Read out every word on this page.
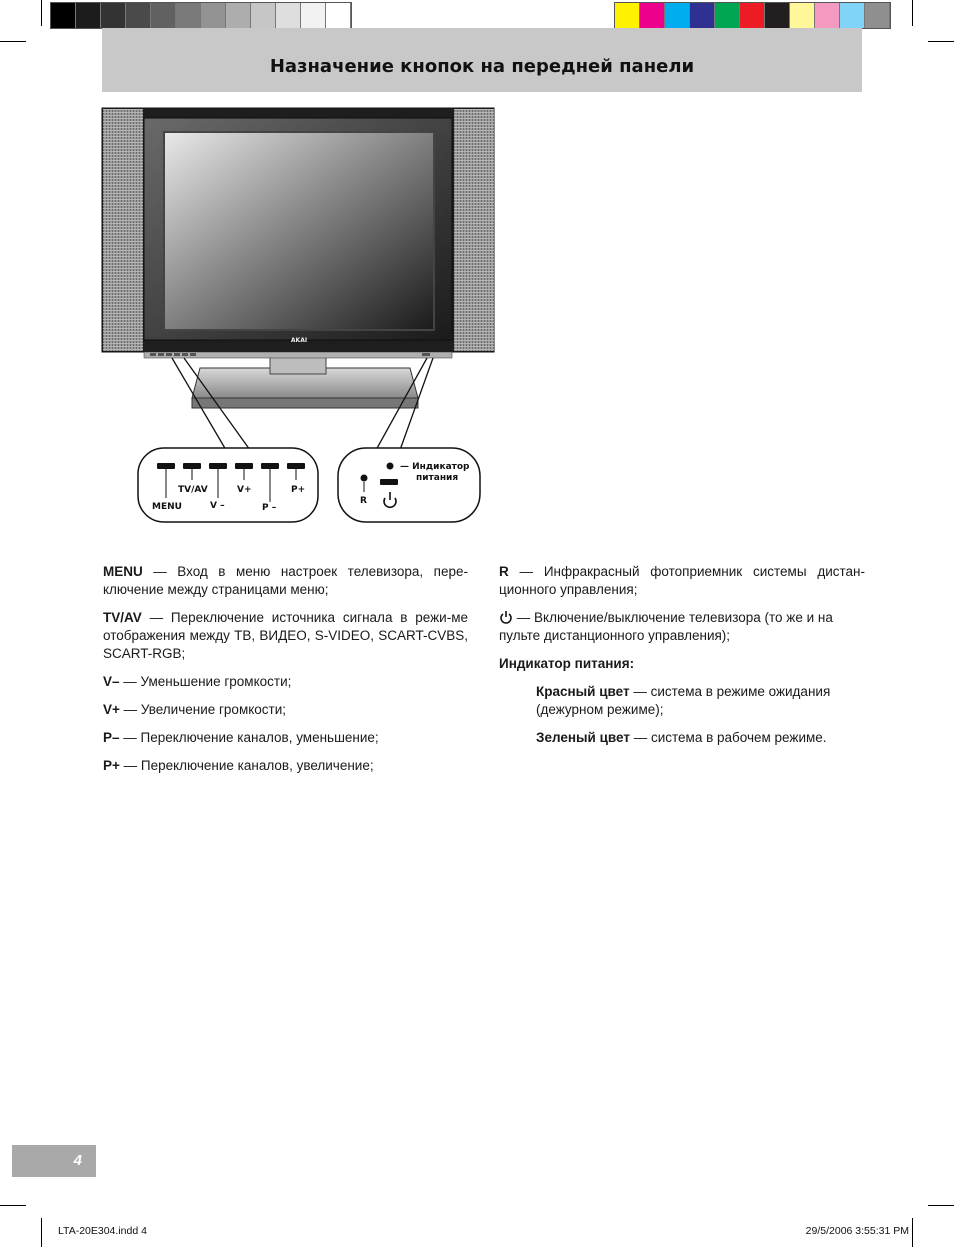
Назначение кнопок на передней панели
AKAI
MENU
TV/AV
V –
V+
P –
P+
R
— Индикатор
питания

MENU — Вход в меню настроек телевизора, пере-ключение между страницами меню;

TV/AV — Переключение источника сигнала в режи-ме отображения между ТВ, ВИДЕО, S-VIDEO, SCART-CVBS, SCART-RGB;

V– — Уменьшение громкости;

V+ — Увеличение громкости;

P– — Переключение каналов, уменьшение;

P+ — Переключение каналов, увеличение;

R — Инфракрасный фотоприемник системы дистан-ционного управления;

— Включение/выключение телевизора (то же и на пульте дистанционного управления);

Индикатор питания:

Красный цвет — система в режиме ожидания (дежурном режиме);

Зеленый цвет — система в рабочем режиме.

4
LTA-20E304.indd 4	29/5/2006 3:55:31 PM
